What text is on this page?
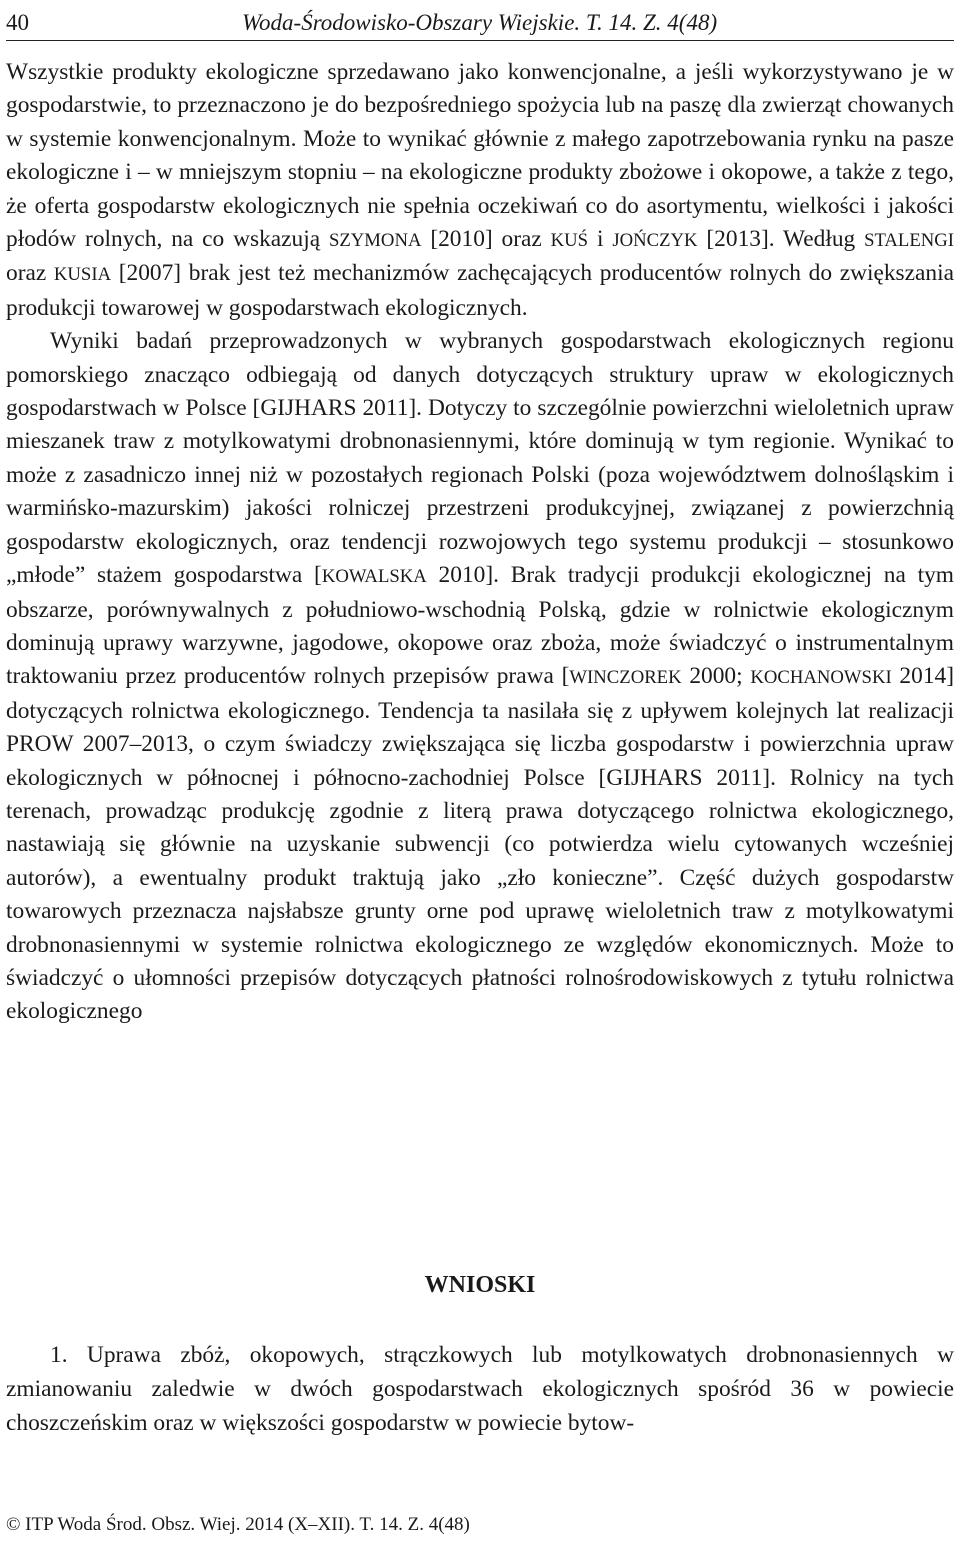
40	Woda-Środowisko-Obszary Wiejskie. T. 14. Z. 4(48)

Wszystkie produkty ekologiczne sprzedawano jako konwencjonalne, a jeśli wykorzystywano je w gospodarstwie, to przeznaczono je do bezpośredniego spożycia lub na paszę dla zwierząt chowanych w systemie konwencjonalnym. Może to wynikać głównie z małego zapotrzebowania rynku na pasze ekologiczne i – w mniejszym stopniu – na ekologiczne produkty zbożowe i okopowe, a także z tego, że oferta gospodarstw ekologicznych nie spełnia oczekiwań co do asortymentu, wielkości i jakości płodów rolnych, na co wskazują SZYMONA [2010] oraz KUŚ i JOŃCZYK [2013]. Według STALENGI oraz KUSIA [2007] brak jest też mechanizmów zachęcających producentów rolnych do zwiększania produkcji towarowej w gospodarstwach ekologicznych.

Wyniki badań przeprowadzonych w wybranych gospodarstwach ekologicznych regionu pomorskiego znacząco odbiegają od danych dotyczących struktury upraw w ekologicznych gospodarstwach w Polsce [GIJHARS 2011]. Dotyczy to szczególnie powierzchni wieloletnich upraw mieszanek traw z motylkowatymi drobnonasiennymi, które dominują w tym regionie. Wynikać to może z zasadniczo innej niż w pozostałych regionach Polski (poza województwem dolnośląskim i warmińsko-mazurskim) jakości rolniczej przestrzeni produkcyjnej, związanej z powierzchnią gospodarstw ekologicznych, oraz tendencji rozwojowych tego systemu produkcji – stosunkowo „młode” stażem gospodarstwa [KOWALSKA 2010]. Brak tradycji produkcji ekologicznej na tym obszarze, porównywalnych z południowo-wschodnią Polską, gdzie w rolnictwie ekologicznym dominują uprawy warzywne, jagodowe, okopowe oraz zboża, może świadczyć o instrumentalnym traktowaniu przez producentów rolnych przepisów prawa [WINCZOREK 2000; KOCHANOWSKI 2014] dotyczących rolnictwa ekologicznego. Tendencja ta nasilała się z upływem kolejnych lat realizacji PROW 2007–2013, o czym świadczy zwiększająca się liczba gospodarstw i powierzchnia upraw ekologicznych w północnej i północno-zachodniej Polsce [GIJHARS 2011]. Rolnicy na tych terenach, prowadząc produkcję zgodnie z literą prawa dotyczącego rolnictwa ekologicznego, nastawiają się głównie na uzyskanie subwencji (co potwierdza wielu cytowanych wcześniej autorów), a ewentualny produkt traktują jako „zło konieczne”. Część dużych gospodarstw towarowych przeznacza najsłabsze grunty orne pod uprawę wieloletnich traw z motylkowatymi drobnonasiennymi w systemie rolnictwa ekologicznego ze względów ekonomicznych. Może to świadczyć o ułomności przepisów dotyczących płatności rolnośrodowiskowych z tytułu rolnictwa ekologicznego

WNIOSKI

1. Uprawa zbóż, okopowych, strączkowych lub motylkowatych drobnonasiennych w zmianowaniu zaledwie w dwóch gospodarstwach ekologicznych spośród 36 w powiecie choszczeńskim oraz w większości gospodarstw w powiecie bytow-

© ITP Woda Środ. Obsz. Wiej. 2014 (X–XII). T. 14. Z. 4(48)
